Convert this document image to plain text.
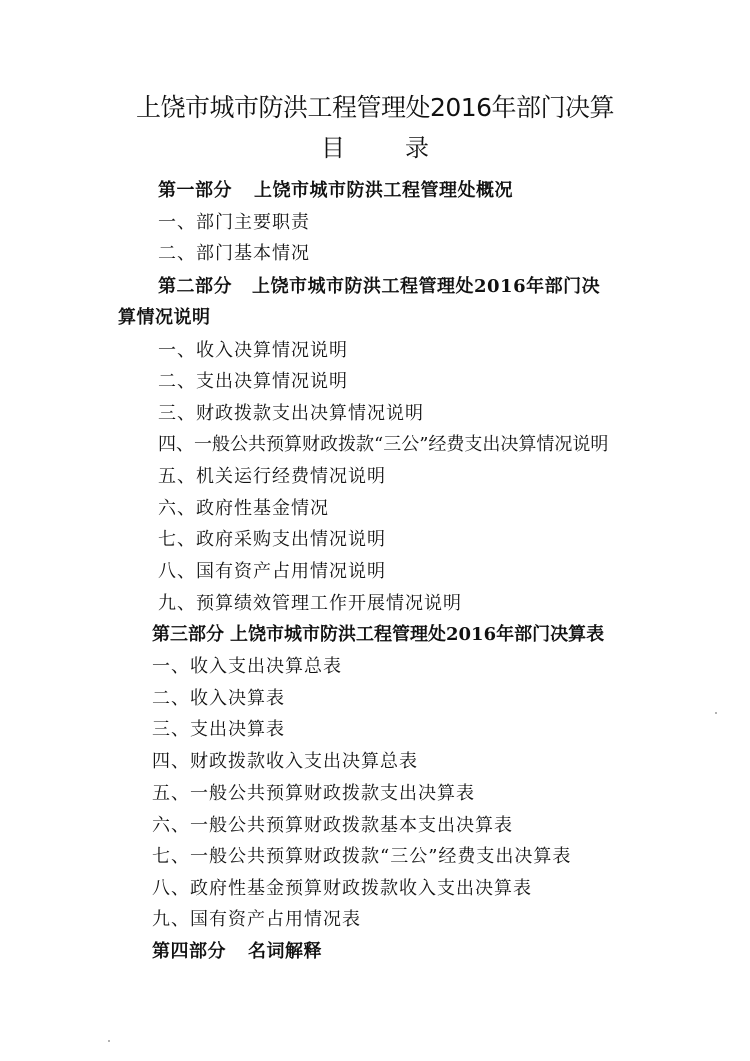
上饶市城市防洪工程管理处2016年部门决算
目	录
第一部分 上饶市城市防洪工程管理处概况
一、部门主要职责
二、部门基本情况
第二部分 上饶市城市防洪工程管理处2016年部门决
算情况说明
一、收入决算情况说明
二、支出决算情况说明
三、财政拨款支出决算情况说明
四、一般公共预算财政拨款“三公”经费支出决算情况说明
五、机关运行经费情况说明
六、政府性基金情况
七、政府采购支出情况说明
八、国有资产占用情况说明
九、预算绩效管理工作开展情况说明
第三部分 上饶市城市防洪工程管理处2016年部门决算表
一、收入支出决算总表
二、收入决算表
三、支出决算表
四、财政拨款收入支出决算总表
五、一般公共预算财政拨款支出决算表
六、一般公共预算财政拨款基本支出决算表
七、一般公共预算财政拨款“三公”经费支出决算表
八、政府性基金预算财政拨款收入支出决算表
九、国有资产占用情况表
第四部分 名词解释
